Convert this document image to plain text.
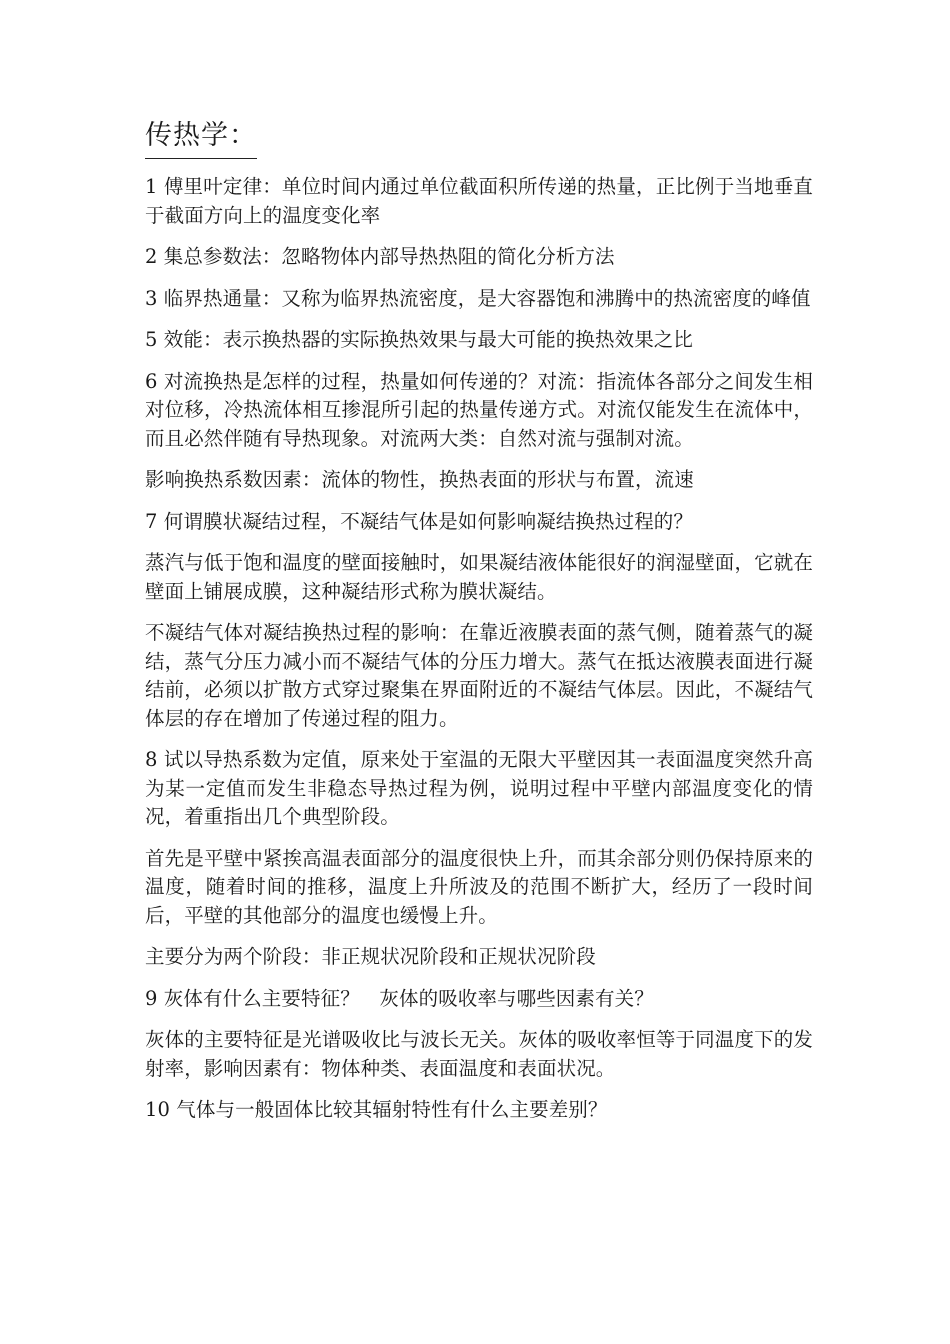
传热学：

1 傅里叶定律：单位时间内通过单位截面积所传递的热量，正比例于当地垂直于截面方向上的温度变化率

2 集总参数法：忽略物体内部导热热阻的简化分析方法

3 临界热通量：又称为临界热流密度，是大容器饱和沸腾中的热流密度的峰值

5 效能：表示换热器的实际换热效果与最大可能的换热效果之比

6 对流换热是怎样的过程，热量如何传递的？对流：指流体各部分之间发生相对位移，冷热流体相互掺混所引起的热量传递方式。对流仅能发生在流体中，而且必然伴随有导热现象。对流两大类：自然对流与强制对流。

影响换热系数因素：流体的物性，换热表面的形状与布置，流速

7 何谓膜状凝结过程，不凝结气体是如何影响凝结换热过程的？

蒸汽与低于饱和温度的壁面接触时，如果凝结液体能很好的润湿壁面，它就在壁面上铺展成膜，这种凝结形式称为膜状凝结。

不凝结气体对凝结换热过程的影响：在靠近液膜表面的蒸气侧，随着蒸气的凝结，蒸气分压力减小而不凝结气体的分压力增大。蒸气在抵达液膜表面进行凝结前，必须以扩散方式穿过聚集在界面附近的不凝结气体层。因此，不凝结气体层的存在增加了传递过程的阻力。

8 试以导热系数为定值，原来处于室温的无限大平壁因其一表面温度突然升高为某一定值而发生非稳态导热过程为例，说明过程中平壁内部温度变化的情况，着重指出几个典型阶段。

首先是平壁中紧挨高温表面部分的温度很快上升，而其余部分则仍保持原来的温度，随着时间的推移，温度上升所波及的范围不断扩大，经历了一段时间后，平壁的其他部分的温度也缓慢上升。

主要分为两个阶段：非正规状况阶段和正规状况阶段

9 灰体有什么主要特征？　灰体的吸收率与哪些因素有关？

灰体的主要特征是光谱吸收比与波长无关。灰体的吸收率恒等于同温度下的发射率，影响因素有：物体种类、表面温度和表面状况。

10 气体与一般固体比较其辐射特性有什么主要差别？
